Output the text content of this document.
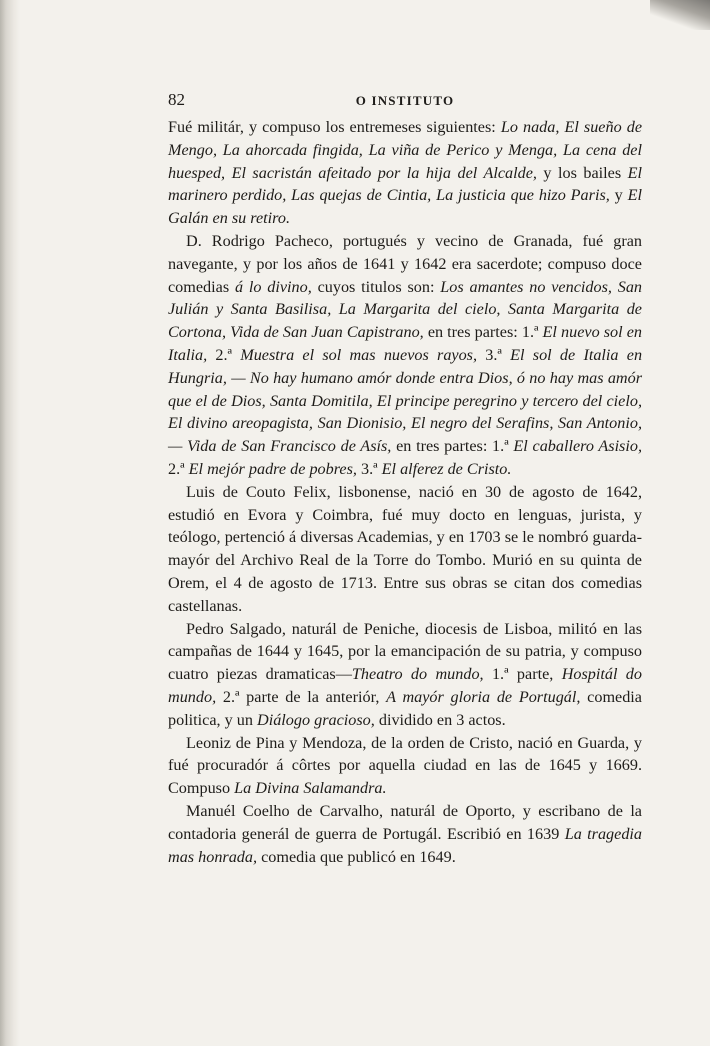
82	O INSTITUTO

Fué militár, y compuso los entremeses siguientes: Lo nada, El sueño de Mengo, La ahorcada fingida, La viña de Perico y Menga, La cena del huesped, El sacristán afeitado por la hija del Alcalde, y los bailes El marinero perdido, Las quejas de Cintia, La justicia que hizo Paris, y El Galán en su retiro.

D. Rodrigo Pacheco, portugués y vecino de Granada, fué gran navegante, y por los años de 1641 y 1642 era sacerdote; compuso doce comedias á lo divino, cuyos titulos son: Los amantes no vencidos, San Julián y Santa Basilisa, La Margarita del cielo, Santa Margarita de Cortona, Vida de San Juan Capistrano, en tres partes: 1.ª El nuevo sol en Italia, 2.ª Muestra el sol mas nuevos rayos, 3.ª El sol de Italia en Hungria, — No hay humano amór donde entra Dios, ó no hay mas amór que el de Dios, Santa Domitila, El principe peregrino y tercero del cielo, El divino areopagista, San Dionisio, El negro del Serafins, San Antonio,— Vida de San Francisco de Asís, en tres partes: 1.ª El caballero Asisio, 2.ª El mejór padre de pobres, 3.ª El alferez de Cristo.

Luis de Couto Felix, lisbonense, nació en 30 de agosto de 1642, estudió en Evora y Coimbra, fué muy docto en lenguas, jurista, y teólogo, pertenció á diversas Academias, y en 1703 se le nombró guarda-mayór del Archivo Real de la Torre do Tombo. Murió en su quinta de Orem, el 4 de agosto de 1713. Entre sus obras se citan dos comedias castellanas.

Pedro Salgado, naturál de Peniche, diocesis de Lisboa, militó en las campañas de 1644 y 1645, por la emancipación de su patria, y compuso cuatro piezas dramaticas—Theatro do mundo, 1.ª parte, Hospitál do mundo, 2.ª parte de la anteriór, A mayór gloria de Portugál, comedia politica, y un Diálogo gracioso, dividido en 3 actos.

Leoniz de Pina y Mendoza, de la orden de Cristo, nació en Guarda, y fué procuradór á côrtes por aquella ciudad en las de 1645 y 1669. Compuso La Divina Salamandra.

Manuél Coelho de Carvalho, naturál de Oporto, y escribano de la contadoria generál de guerra de Portugál. Escribió en 1639 La tragedia mas honrada, comedia que publicó en 1649.
